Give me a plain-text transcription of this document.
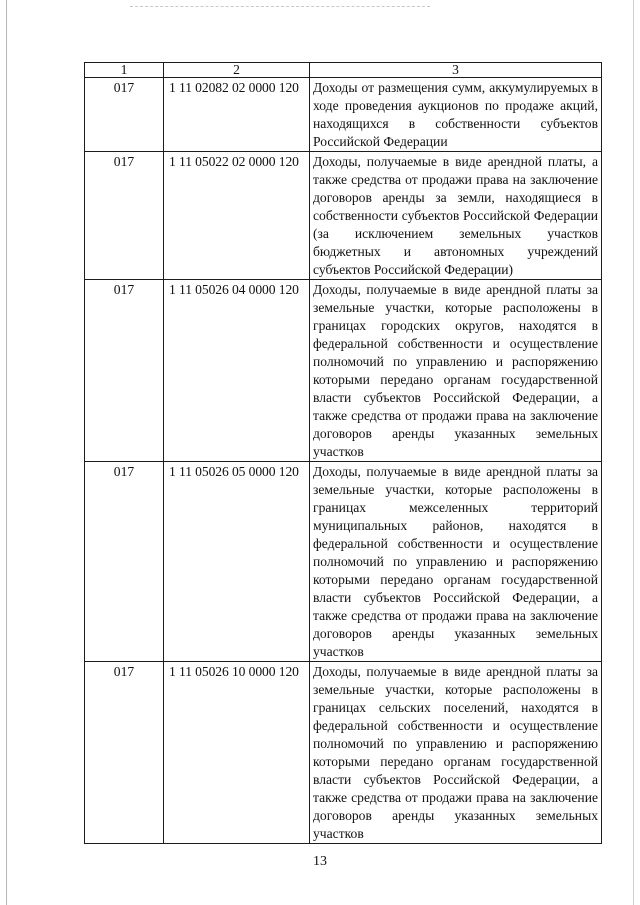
1	2	3
017	1 11 02082 02 0000 120	Доходы от размещения сумм, аккумулируемых в ходе проведения аукционов по продаже акций, находящихся в собственности субъектов Российской Федерации
017	1 11 05022 02 0000 120	Доходы, получаемые в виде арендной платы, а также средства от продажи права на заключение договоров аренды за земли, находящиеся в собственности субъектов Российской Федерации (за исключением земельных участков бюджетных и автономных учреждений субъектов Российской Федерации)
017	1 11 05026 04 0000 120	Доходы, получаемые в виде арендной платы за земельные участки, которые расположены в границах городских округов, находятся в федеральной собственности и осуществление полномочий по управлению и распоряжению которыми передано органам государственной власти субъектов Российской Федерации, а также средства от продажи права на заключение договоров аренды указанных земельных участков
017	1 11 05026 05 0000 120	Доходы, получаемые в виде арендной платы за земельные участки, которые расположены в границах межселенных территорий муниципальных районов, находятся в федеральной собственности и осуществление полномочий по управлению и распоряжению которыми передано органам государственной власти субъектов Российской Федерации, а также средства от продажи права на заключение договоров аренды указанных земельных участков
017	1 11 05026 10 0000 120	Доходы, получаемые в виде арендной платы за земельные участки, которые расположены в границах сельских поселений, находятся в федеральной собственности и осуществление полномочий по управлению и распоряжению которыми передано органам государственной власти субъектов Российской Федерации, а также средства от продажи права на заключение договоров аренды указанных земельных участков
13
